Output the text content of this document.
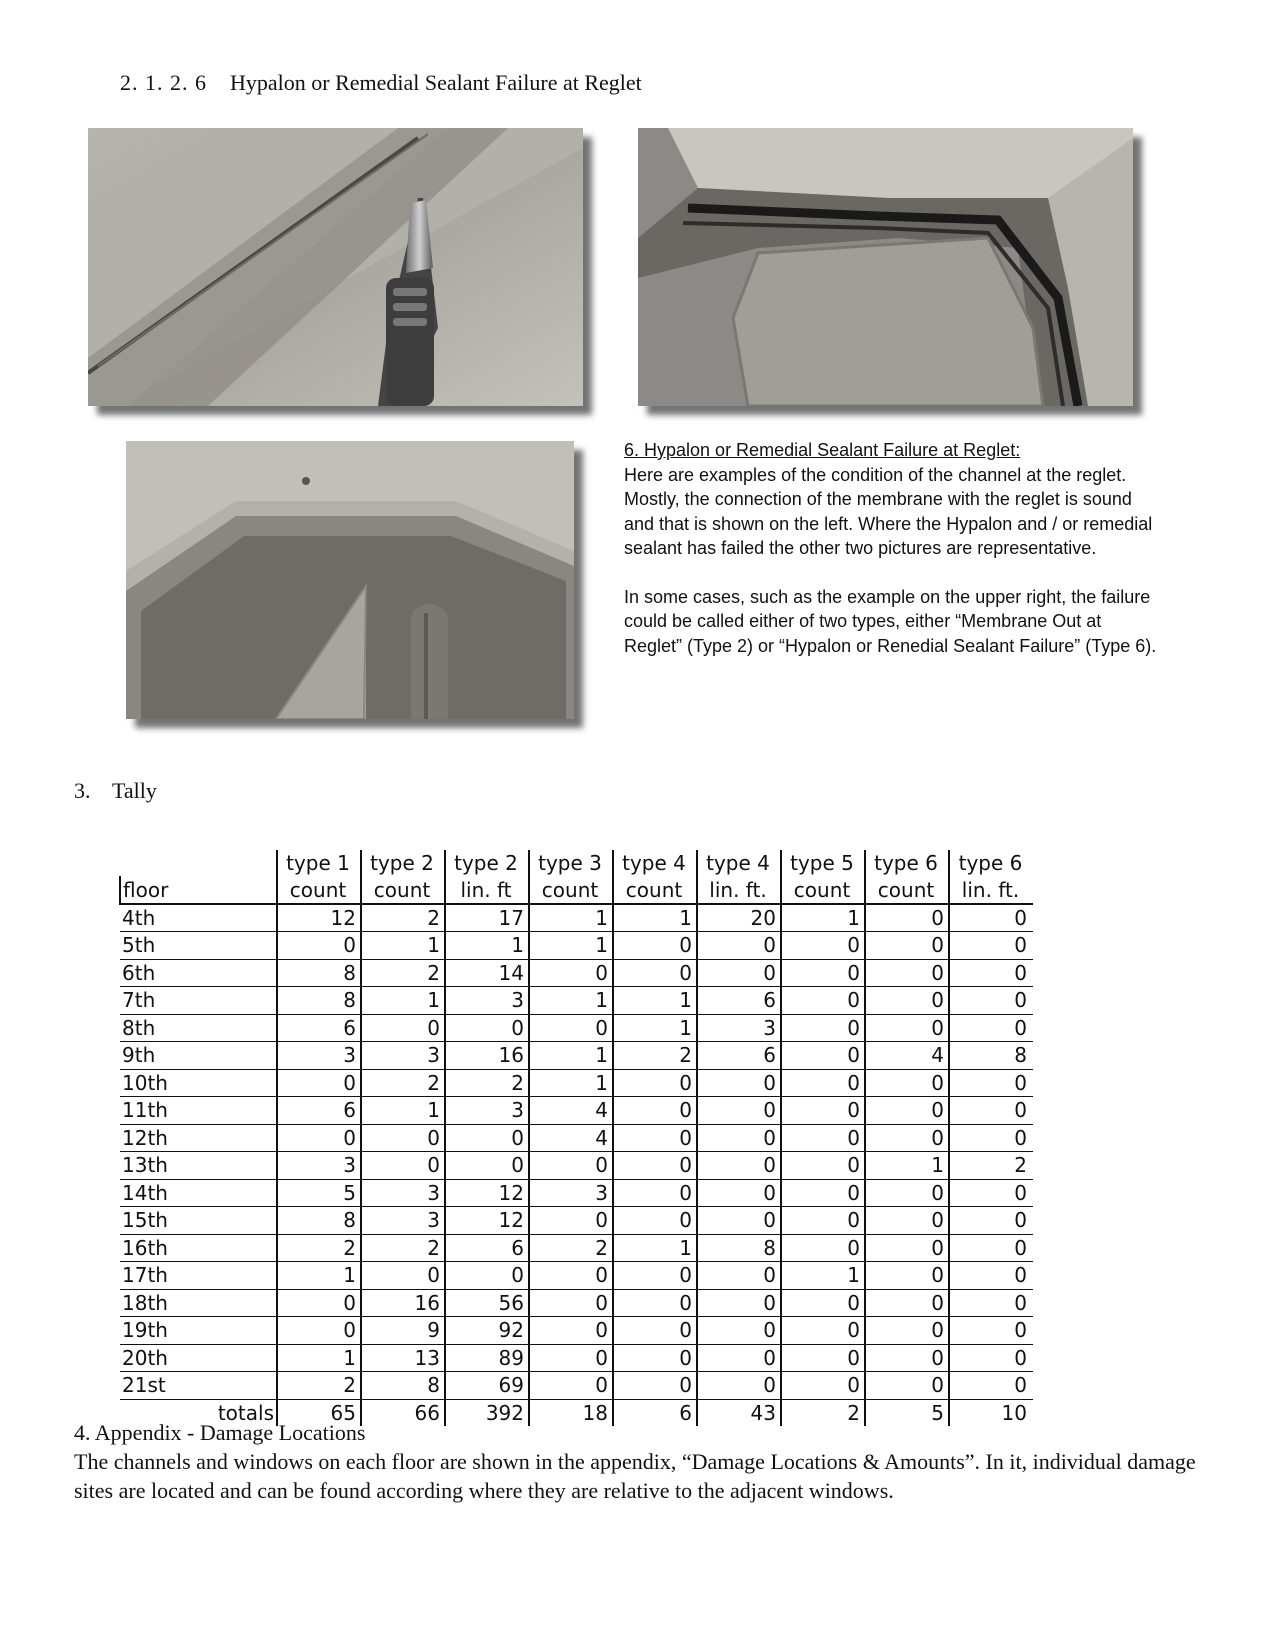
2. 1. 2. 6 Hypalon or Remedial Sealant Failure at Reglet

6. Hypalon or Remedial Sealant Failure at Reglet:

Here are examples of the condition of the channel at the reglet. Mostly, the connection of the membrane with the reglet is sound and that is shown on the left. Where the Hypalon and / or remedial sealant has failed the other two pictures are representative.

In some cases, such as the example on the upper right, the failure could be called either of two types, either “Membrane Out at Reglet” (Type 2) or “Hypalon or Renedial Sealant Failure” (Type 6).

3. Tally
	type 1	type 2	type 2	type 3	type 4	type 4	type 5	type 6	type 6
floor	count	count	lin. ft	count	count	lin. ft.	count	count	lin. ft.
4th	12	2	17	1	1	20	1	0	0
5th	0	1	1	1	0	0	0	0	0
6th	8	2	14	0	0	0	0	0	0
7th	8	1	3	1	1	6	0	0	0
8th	6	0	0	0	1	3	0	0	0
9th	3	3	16	1	2	6	0	4	8
10th	0	2	2	1	0	0	0	0	0
11th	6	1	3	4	0	0	0	0	0
12th	0	0	0	4	0	0	0	0	0
13th	3	0	0	0	0	0	0	1	2
14th	5	3	12	3	0	0	0	0	0
15th	8	3	12	0	0	0	0	0	0
16th	2	2	6	2	1	8	0	0	0
17th	1	0	0	0	0	0	1	0	0
18th	0	16	56	0	0	0	0	0	0
19th	0	9	92	0	0	0	0	0	0
20th	1	13	89	0	0	0	0	0	0
21st	2	8	69	0	0	0	0	0	0
totals	65	66	392	18	6	43	2	5	10

4. Appendix - Damage Locations

The channels and windows on each floor are shown in the appendix, “Damage Locations & Amounts”. In it, individual damage sites are located and can be found according where they are relative to the adjacent windows.
